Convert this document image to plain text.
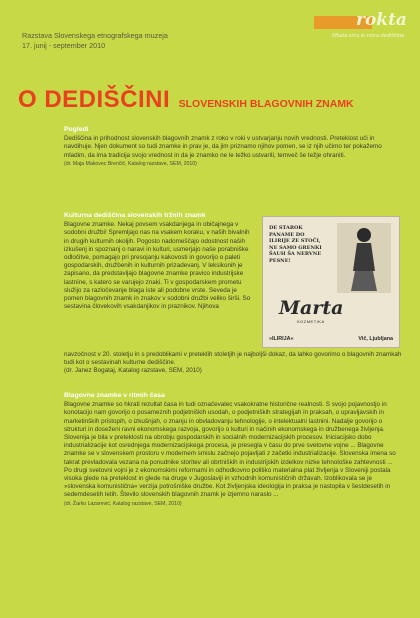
Razstava Slovenskega etnografskega muzeja
17. junij - september 2010
rokta
Mlada srca in nova dediščina
O DEDIŠČINI SLOVENSKIH BLAGOVNIH ZNAMK
Pogledi

Dediščina in prihodnost slovenskih blagovnih znamk z roko v roki v ustvarjanju novih vrednosti. Preteklost uči in navdihuje. Njen dokument so tudi znamke in prav je, da jim priznamo njihov pomen, se iz njih učimo ter pokažemo mladim, da ima tradicija svojo vrednost in da je znamko ne le težko ustvariti, temveč še težje ohraniti.

(dr. Maja Makovec Brenčič, Katalog razstave, SEM, 2010)

Kulturna dediščina slovenskih tržnih znamk

Blagovne znamke. Nekaj povsem vsakdanjega in običajnega v sodobni družbi! Spremljajo nas na vsakem koraku, v naših bivalnih in drugih kulturnih okoljih. Pogosto nadomeščajo odostnost naših izkušenj in spoznanj o naravi in kulturi, usmerjajo naše porabniške odločitve, pomagajo pri presojanju kakovosti in govorijo o paleti gospodarskih, družbenih in kulturnih prizadevanj. V leksikonih je zapisano, da predstavljajo blagovne znamke pravico industrijske lastnine, s katero se varujejo znaki. Ti v gospodarskem prometu služijo za razločevanje blaga iste ali podobne vrste. Seveda je pomen blagovnih znamk in znakov v sodobni družbi veliko širši. So sestavina človekovih vsakdanjikov in praznikov. Njihova

navzočnost v 20. stoletju in s predoblikami v preteklih stoletjih je najboljši dokaz, da lahko govorimo o blagovnih znamkah tudi kot o sestavinah kulturne dediščine.

(dr. Janez Bogataj, Katalog razstave, SEM, 2010)

DE STAROK PANAME DO ILIRIJE ZE STOČI, NE SAMO GRENKI ŠAUH ŠA NERVNE PESNE!
Marta
KOZMETIKA
»ILIRIJA«	Vič, Ljubljana
Blagovne znamke v ritmih časa

Blagovne znamke so hkrati rezultat časa in tudi označevalec vsakokratne historične realnosti. S svojo pojavnostjo in konotacijo nam govorijo o posameznih podjetniških usodah, o podjetniških strategijah in praksah, o upravljavskih in marketinških pristopih, o izkušnjah, o znanju in obvladovanju tehnologije, o intelektualni lastnini. Nadalje govorijo o strukturi in doseženi ravni ekonomskega razvoja, govorijo o kulturi in načinih ekonomskega in družbenega življenja. Slovenija je bila v preteklosti na obrobju gospodarskih in socialnih modernizacijskih procesov. Iniciacijsko dobo industrializacije kot osrednjega modernizacijskega procesa, je presegla v času do prve svetovne vojne ... Blagovne znamke se v slovenskem prostoru v modernem smislu začnejo pojavljati z začetki industrializacije. Slovenska imena so takrat prevladovala vezana na ponudnike storitev ali obrtniških in industrijskih izdelkov nizke tehnološke zahtevnosti ... Po drugi svetovni vojni je z ekonomskimi reformami in odhodkovno politiko materialna plat življenja v Sloveniji postala visoka glede na preteklost in glede na druge v Jugoslaviji in vzhodnih komunističnih državah. Izoblikovala se je »slovenska komunistična« verzija potrošniške družbe. Kot življenjska ideologija in praksa je nastopila v šestdesetih in sedemdesetih letih. Število slovenskih blagovnih znamk je izjemno naraslo ...

(dr. Žarko Lazarević, Katalog razstave, SEM, 2010)
